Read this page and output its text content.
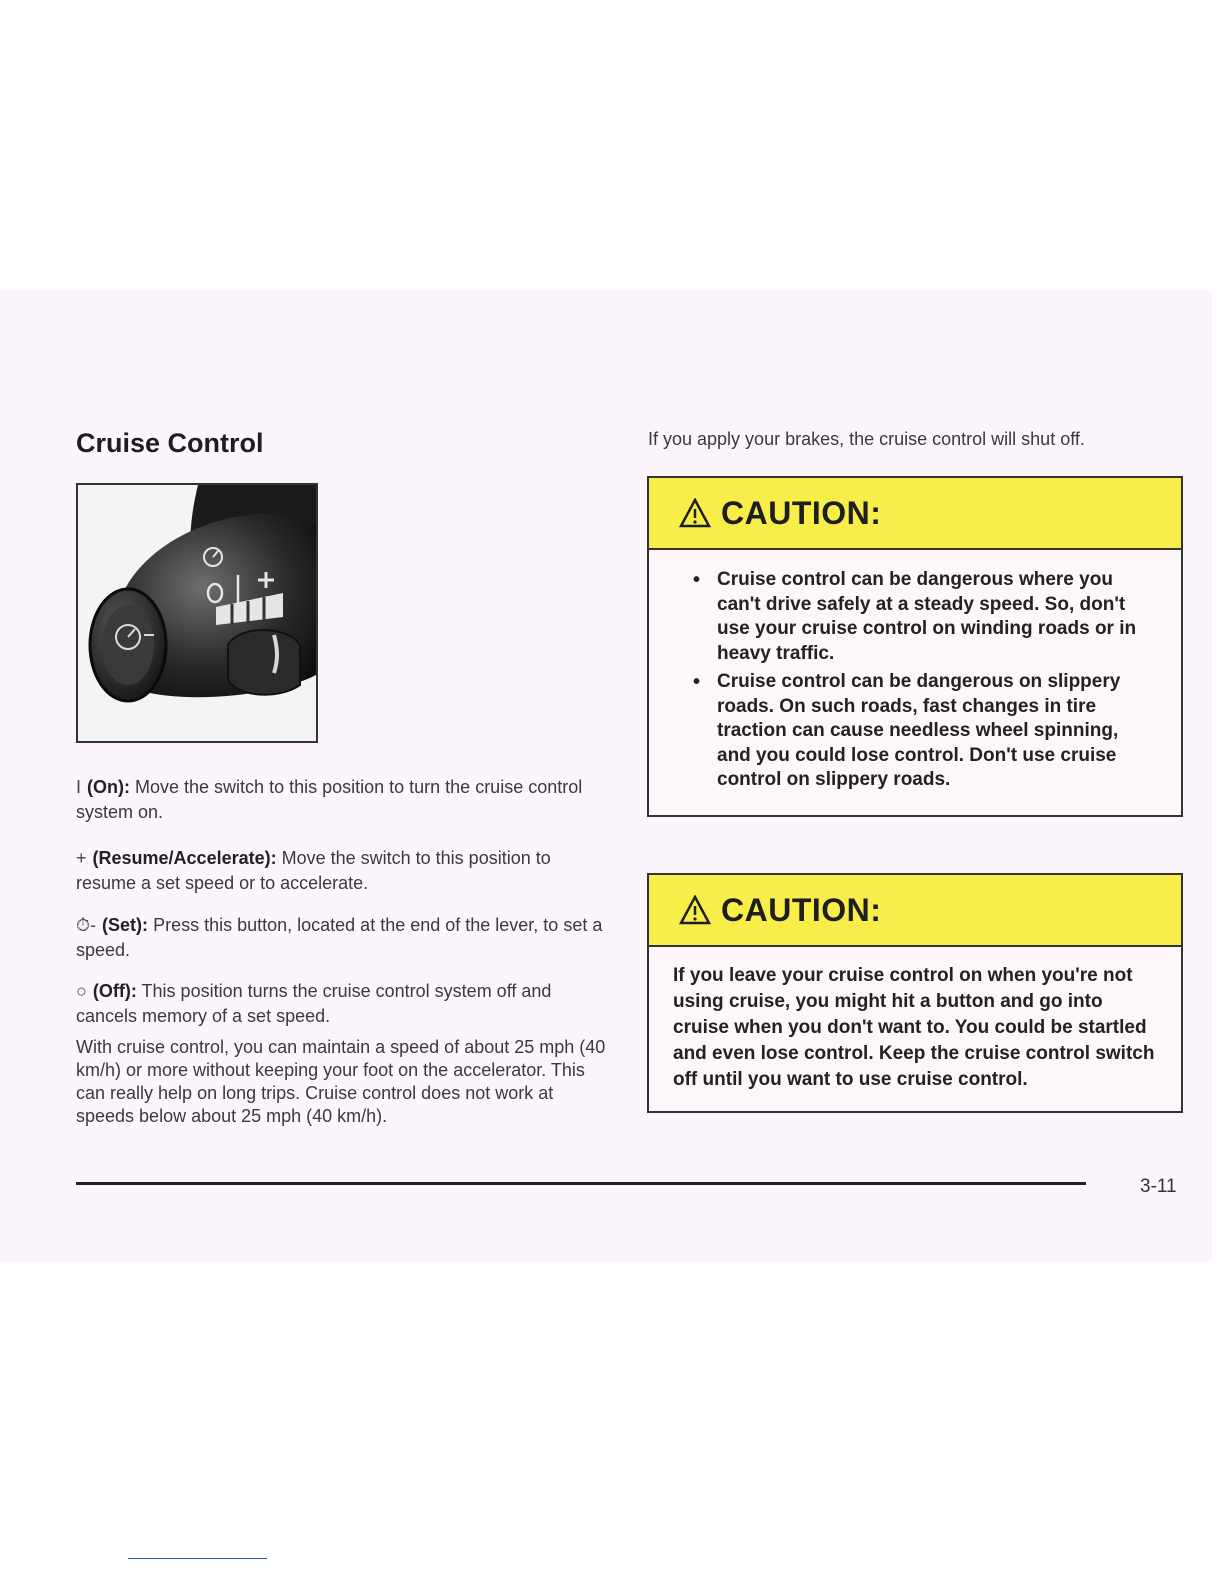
Cruise Control

I (On): Move the switch to this position to turn the cruise control system on.

+ (Resume/Accelerate): Move the switch to this position to resume a set speed or to accelerate.

⏱- (Set): Press this button, located at the end of the lever, to set a speed.

○ (Off): This position turns the cruise control system off and cancels memory of a set speed.

With cruise control, you can maintain a speed of about 25 mph (40 km/h) or more without keeping your foot on the accelerator. This can really help on long trips. Cruise control does not work at speeds below about 25 mph (40 km/h).

If you apply your brakes, the cruise control will shut off.

CAUTION:
• Cruise control can be dangerous where you can't drive safely at a steady speed. So, don't use your cruise control on winding roads or in heavy traffic.
• Cruise control can be dangerous on slippery roads. On such roads, fast changes in tire traction can cause needless wheel spinning, and you could lose control. Don't use cruise control on slippery roads.
CAUTION:

If you leave your cruise control on when you're not using cruise, you might hit a button and go into cruise when you don't want to. You could be startled and even lose control. Keep the cruise control switch off until you want to use cruise control.

3-11
